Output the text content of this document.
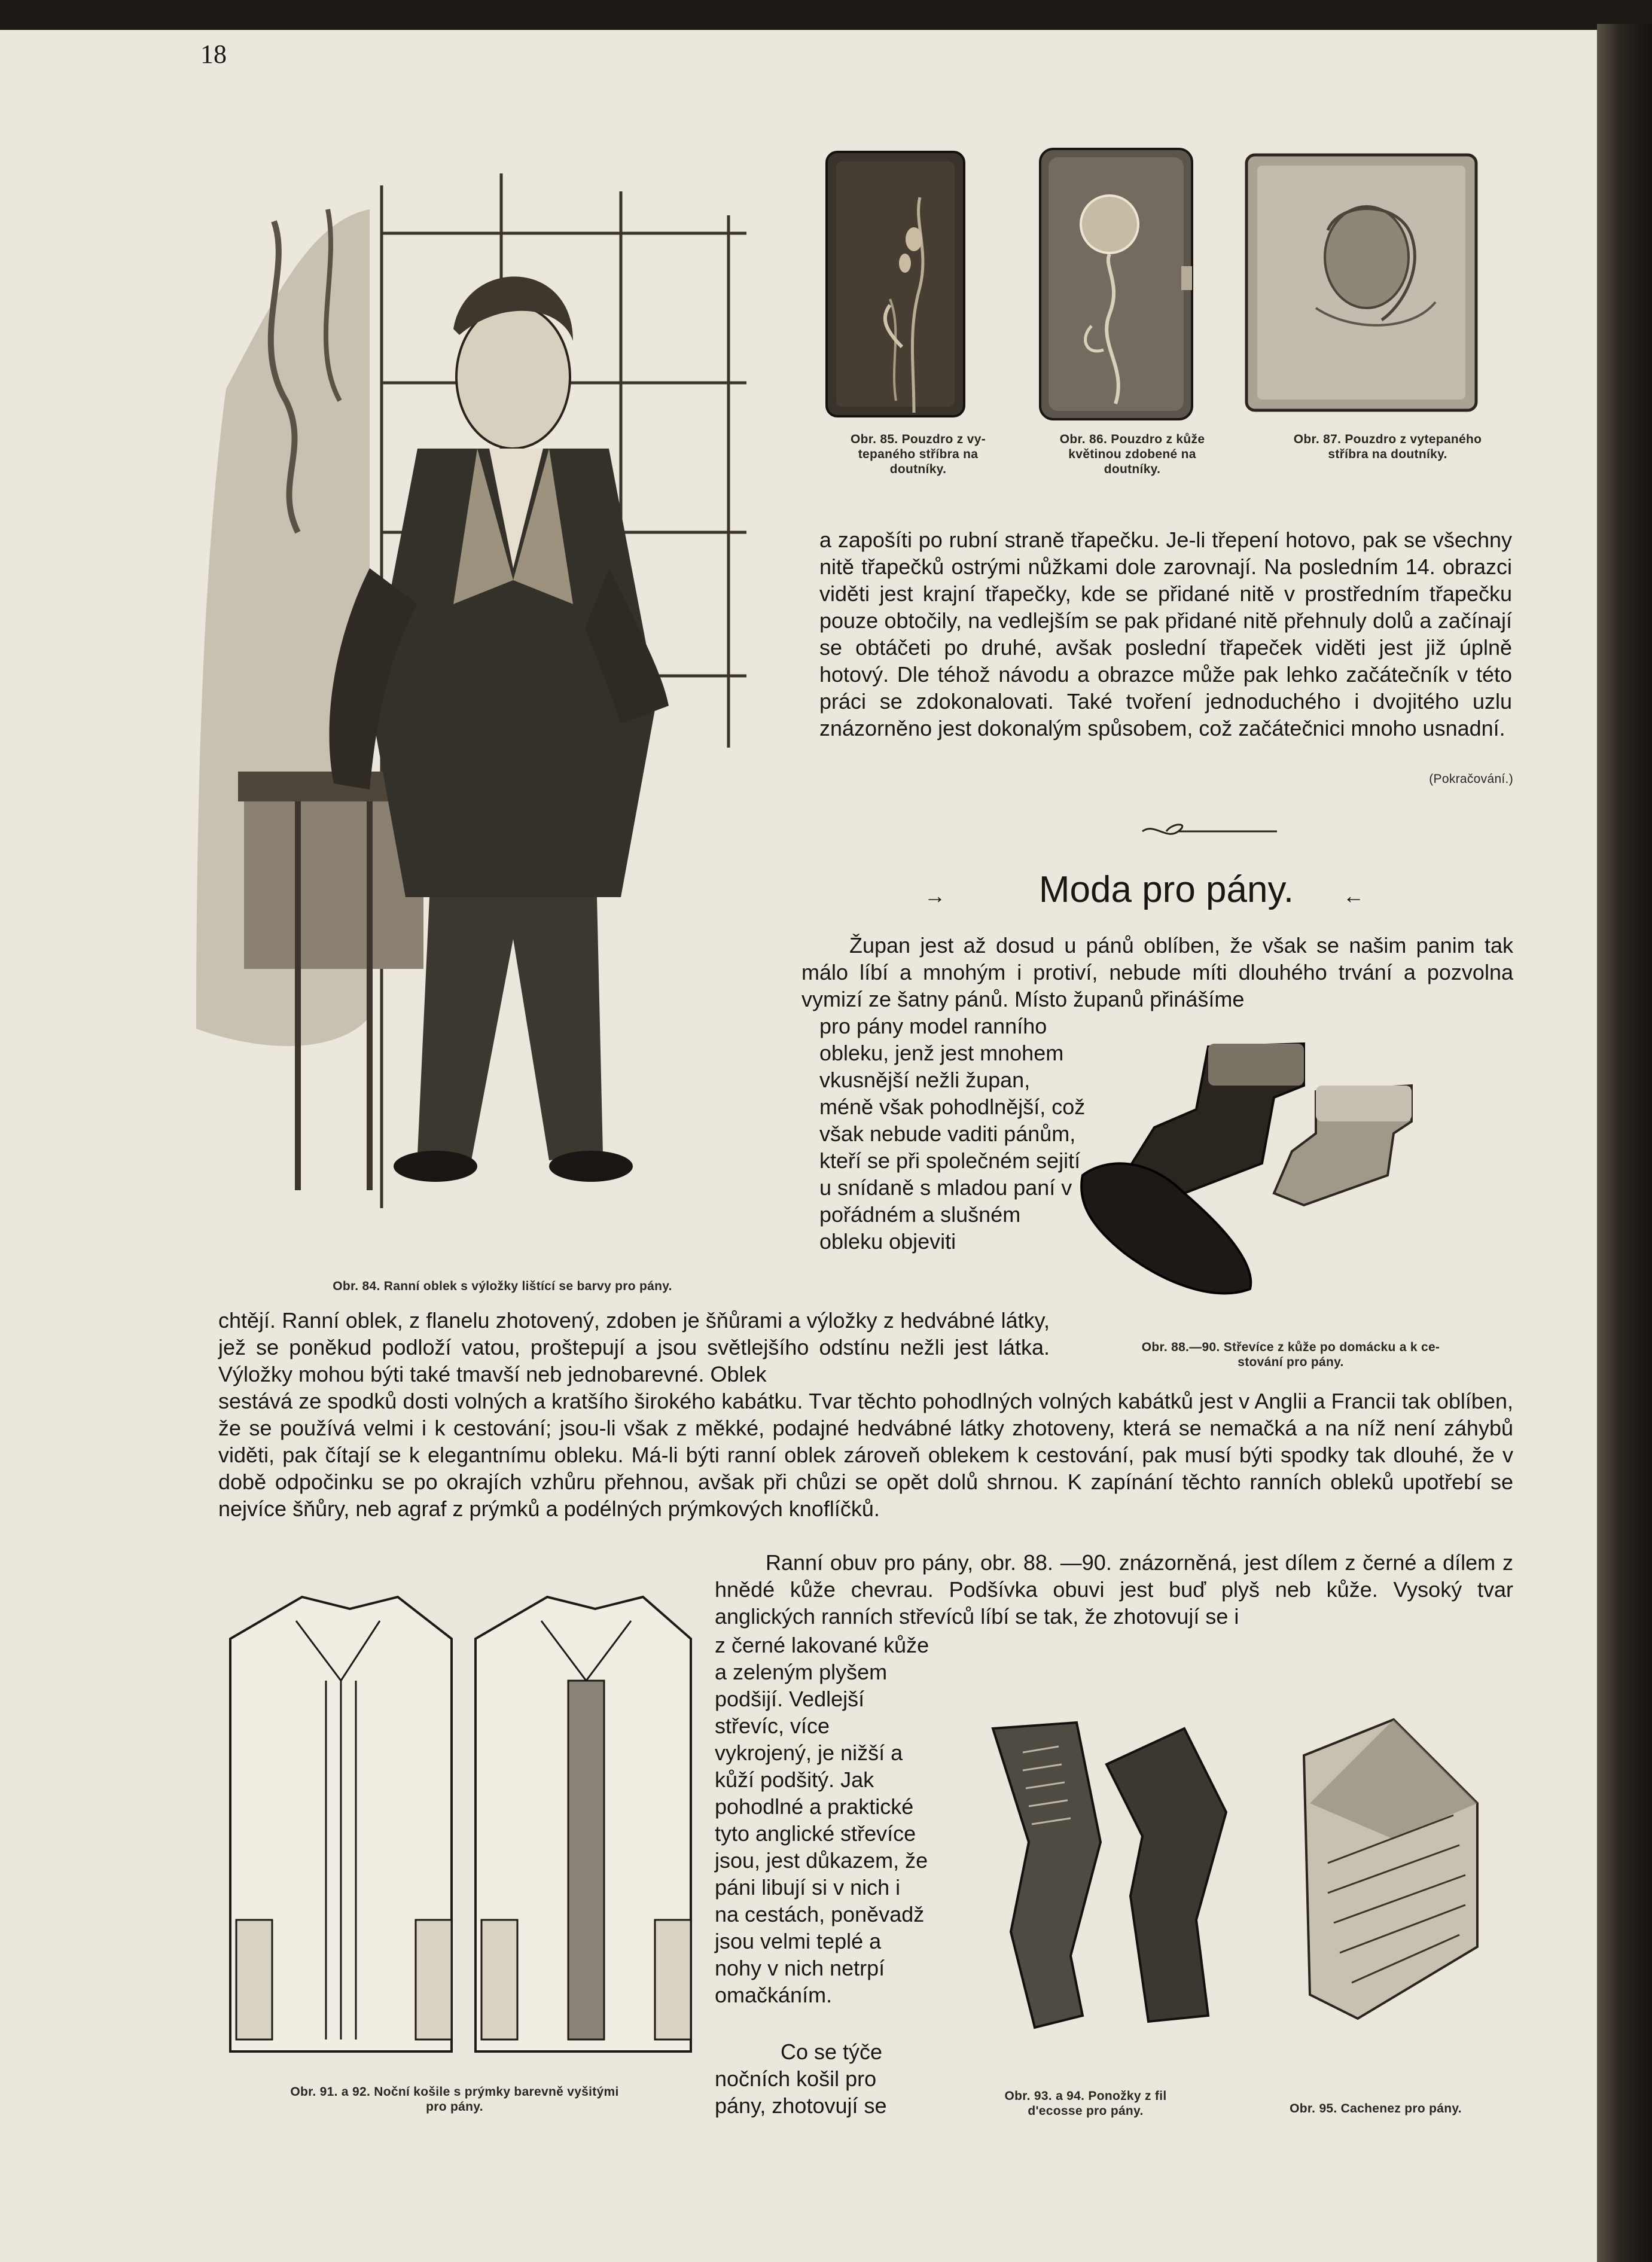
18
Obr. 85. Pouzdro z vy-
tepaného stříbra na
doutníky.
Obr. 86. Pouzdro z kůže
květinou zdobené na
doutníky.
Obr. 87. Pouzdro z vytepaného
stříbra na doutníky.
Obr. 84. Ranní oblek s výložky lištící se barvy pro pány.
a zapošíti po rubní straně třapečku. Je-li třepení hotovo, pak se všechny nitě třapečků ostrými nůžkami dole zarovnají. Na posledním 14. obrazci viděti jest krajní třapečky, kde se přidané nitě v prostředním třapečku pouze obtočily, na vedlejším se pak přidané nitě přehnuly dolů a začínají se obtáčeti po druhé, avšak poslední třapeček viděti jest již úplně hotový. Dle téhož návodu a obrazce může pak lehko začátečník v této práci se zdokonalovati. Také tvoření jednoduchého i dvojitého uzlu znázorněno jest dokonalým spůsobem, což začátečnici mnoho usnadní.
(Pokračování.)
→	Moda pro pány.	←
Župan jest až dosud u pánů oblíben, že však se našim panim tak málo líbí a mnohým i protiví, nebude míti dlouhého trvání a pozvolna vymizí ze šatny pánů. Místo županů přinášíme
pro pány model ranního obleku, jenž jest mnohem vkusnější nežli župan, méně však pohodlnější, což však nebude vaditi pánům, kteří se při společném sejití u snídaně s mladou paní v pořádném a slušném obleku objeviti
Obr. 88.—90. Střevíce z kůže po domácku a k ce-
stování pro pány.
chtějí. Ranní oblek, z flanelu zhotovený, zdoben je šňůrami a výložky z hedvábné látky, jež se poněkud podloží vatou, proštepují a jsou světlejšího odstínu nežli jest látka. Výložky mohou býti také tmavší neb jednobarevné. Oblek
sestává ze spodků dosti volných a kratšího širokého kabátku. Tvar těchto pohodlných volných kabátků jest v Anglii a Francii tak oblíben, že se používá velmi i k cestování; jsou-li však z měkké, podajné hedvábné látky zhotoveny, která se nemačká a na níž není záhybů viděti, pak čítají se k elegantnímu obleku. Má-li býti ranní oblek zároveň oblekem k cestování, pak musí býti spodky tak dlouhé, že v době odpočinku se po okrajích vzhůru přehnou, avšak při chůzi se opět dolů shrnou. K zapínání těchto ranních obleků upotřebí se nejvíce šňůry, neb agraf z prýmků a podélných prýmkových knoflíčků.
Ranní obuv pro pány, obr. 88. —90. znázorněná, jest dílem z černé a dílem z hnědé kůže chevrau. Podšívka obuvi jest buď plyš neb kůže. Vysoký tvar anglických ranních střevíců líbí se tak, že zhotovují se i
z černé lakované kůže a zeleným plyšem podšijí. Vedlejší střevíc, více vykrojený, je nižší a kůží podšitý. Jak pohodlné a praktické tyto anglické střevíce jsou, jest důkazem, že páni libují si v nich i na cestách, poněvadž jsou velmi teplé a nohy v nich netrpí omačkáním.
Co se týče nočních košil pro pány, zhotovují se
Obr. 91. a 92. Noční košile s prýmky barevně vyšitými
pro pány.
Obr. 93. a 94. Ponožky z fil
d'ecosse pro pány.	Obr. 95. Cachenez pro pány.
